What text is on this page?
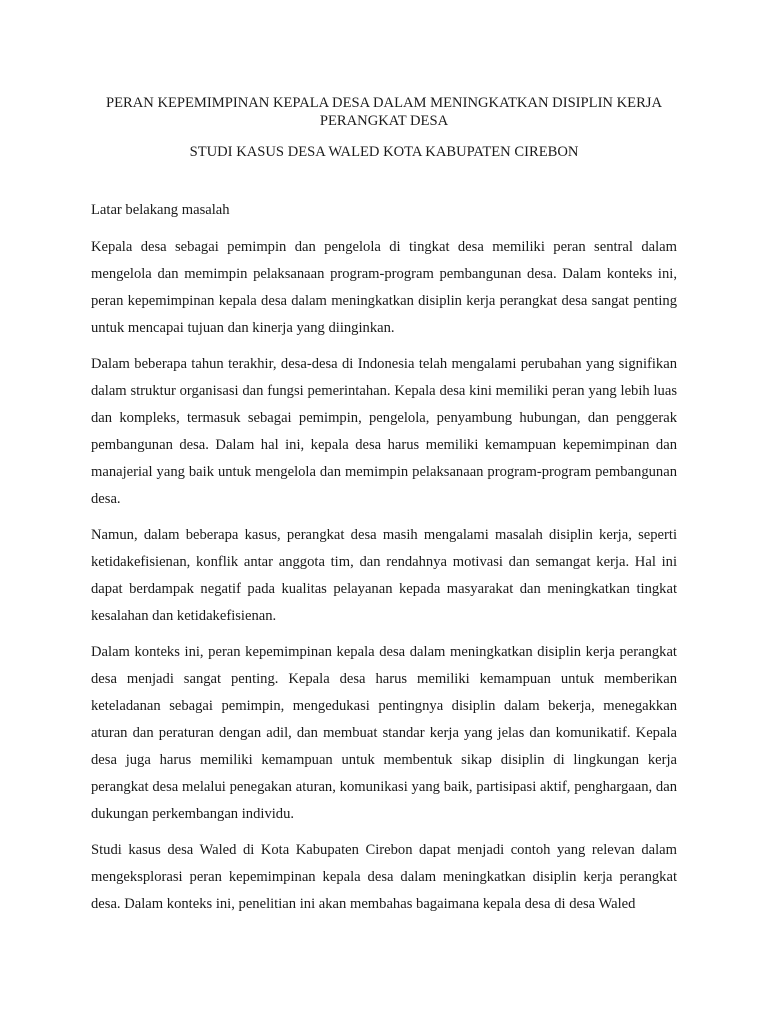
PERAN KEPEMIMPINAN KEPALA DESA DALAM MENINGKATKAN DISIPLIN KERJA PERANGKAT DESA
STUDI KASUS DESA WALED KOTA KABUPATEN CIREBON
Latar belakang masalah

Kepala desa sebagai pemimpin dan pengelola di tingkat desa memiliki peran sentral dalam mengelola dan memimpin pelaksanaan program-program pembangunan desa. Dalam konteks ini, peran kepemimpinan kepala desa dalam meningkatkan disiplin kerja perangkat desa sangat penting untuk mencapai tujuan dan kinerja yang diinginkan.

Dalam beberapa tahun terakhir, desa-desa di Indonesia telah mengalami perubahan yang signifikan dalam struktur organisasi dan fungsi pemerintahan. Kepala desa kini memiliki peran yang lebih luas dan kompleks, termasuk sebagai pemimpin, pengelola, penyambung hubungan, dan penggerak pembangunan desa. Dalam hal ini, kepala desa harus memiliki kemampuan kepemimpinan dan manajerial yang baik untuk mengelola dan memimpin pelaksanaan program-program pembangunan desa.

Namun, dalam beberapa kasus, perangkat desa masih mengalami masalah disiplin kerja, seperti ketidakefisienan, konflik antar anggota tim, dan rendahnya motivasi dan semangat kerja. Hal ini dapat berdampak negatif pada kualitas pelayanan kepada masyarakat dan meningkatkan tingkat kesalahan dan ketidakefisienan.

Dalam konteks ini, peran kepemimpinan kepala desa dalam meningkatkan disiplin kerja perangkat desa menjadi sangat penting. Kepala desa harus memiliki kemampuan untuk memberikan keteladanan sebagai pemimpin, mengedukasi pentingnya disiplin dalam bekerja, menegakkan aturan dan peraturan dengan adil, dan membuat standar kerja yang jelas dan komunikatif. Kepala desa juga harus memiliki kemampuan untuk membentuk sikap disiplin di lingkungan kerja perangkat desa melalui penegakan aturan, komunikasi yang baik, partisipasi aktif, penghargaan, dan dukungan perkembangan individu.

Studi kasus desa Waled di Kota Kabupaten Cirebon dapat menjadi contoh yang relevan dalam mengeksplorasi peran kepemimpinan kepala desa dalam meningkatkan disiplin kerja perangkat desa. Dalam konteks ini, penelitian ini akan membahas bagaimana kepala desa di desa Waled
